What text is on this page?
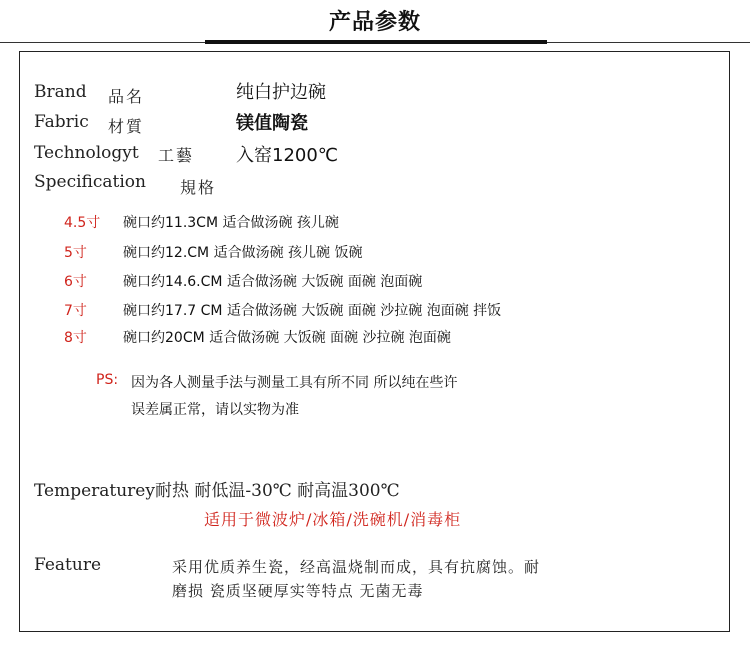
产品参数
Brand 品名	纯白护边碗
Fabric 材質	镁值陶瓷
Technologyt 工藝 入窑1200℃
Specification 規格
4.5寸 碗口约11.3CM 适合做汤碗 孩儿碗
5寸	碗口约12.CM 适合做汤碗 孩儿碗 饭碗
6寸	碗口约14.6.CM 适合做汤碗 大饭碗 面碗 泡面碗
7寸	碗口约17.7 CM 适合做汤碗 大饭碗 面碗 沙拉碗 泡面碗 拌饭
8寸	碗口约20CM 适合做汤碗 大饭碗 面碗 沙拉碗 泡面碗
PS: 因为各人测量手法与测量工具有所不同 所以纯在些许
误差属正常，请以实物为准
Temperaturey耐热 耐低温-30℃ 耐高温300℃
适用于微波炉/冰箱/洗碗机/消毒柜
Feature	采用优质养生瓷，经高温烧制而成，具有抗腐蚀。耐
磨损 瓷质坚硬厚实等特点 无菌无毒
